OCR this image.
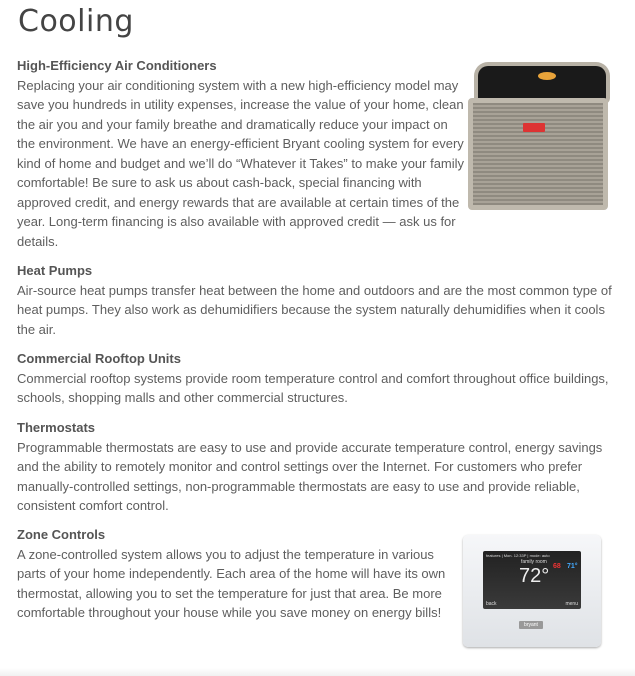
Cooling
High-Efficiency Air Conditioners

Replacing your air conditioning system with a new high-efficiency model may save you hundreds in utility expenses, increase the value of your home, clean the air you and your family breathe and dramatically reduce your impact on the environment. We have an energy-efficient Bryant cooling system for every kind of home and budget and we’ll do “Whatever it Takes” to make your family comfortable! Be sure to ask us about cash-back, special financing with approved credit, and energy rewards that are available at certain times of the year. Long-term financing is also available with approved credit — ask us for details.

Heat Pumps

Air-source heat pumps transfer heat between the home and outdoors and are the most common type of heat pumps. They also work as dehumidifiers because the system naturally dehumidifies when it cools the air.

Commercial Rooftop Units

Commercial rooftop systems provide room temperature control and comfort throughout office buildings, schools, shopping malls and other commercial structures.

Thermostats

Programmable thermostats are easy to use and provide accurate temperature control, energy savings and the ability to remotely monitor and control settings over the Internet. For customers who prefer manually-controlled settings, non-programmable thermostats are easy to use and provide reliable, consistent comfort control.

Zone Controls

A zone-controlled system allows you to adjust the temperature in various parts of your home independently. Each area of the home will have its own thermostat, allowing you to set the temperature for just that area. Be more comfortable throughout your house while you save money on energy bills!

features | Mon. 12:33P | mode: auto
family room
72° 68 71°
back	menu
bryant
